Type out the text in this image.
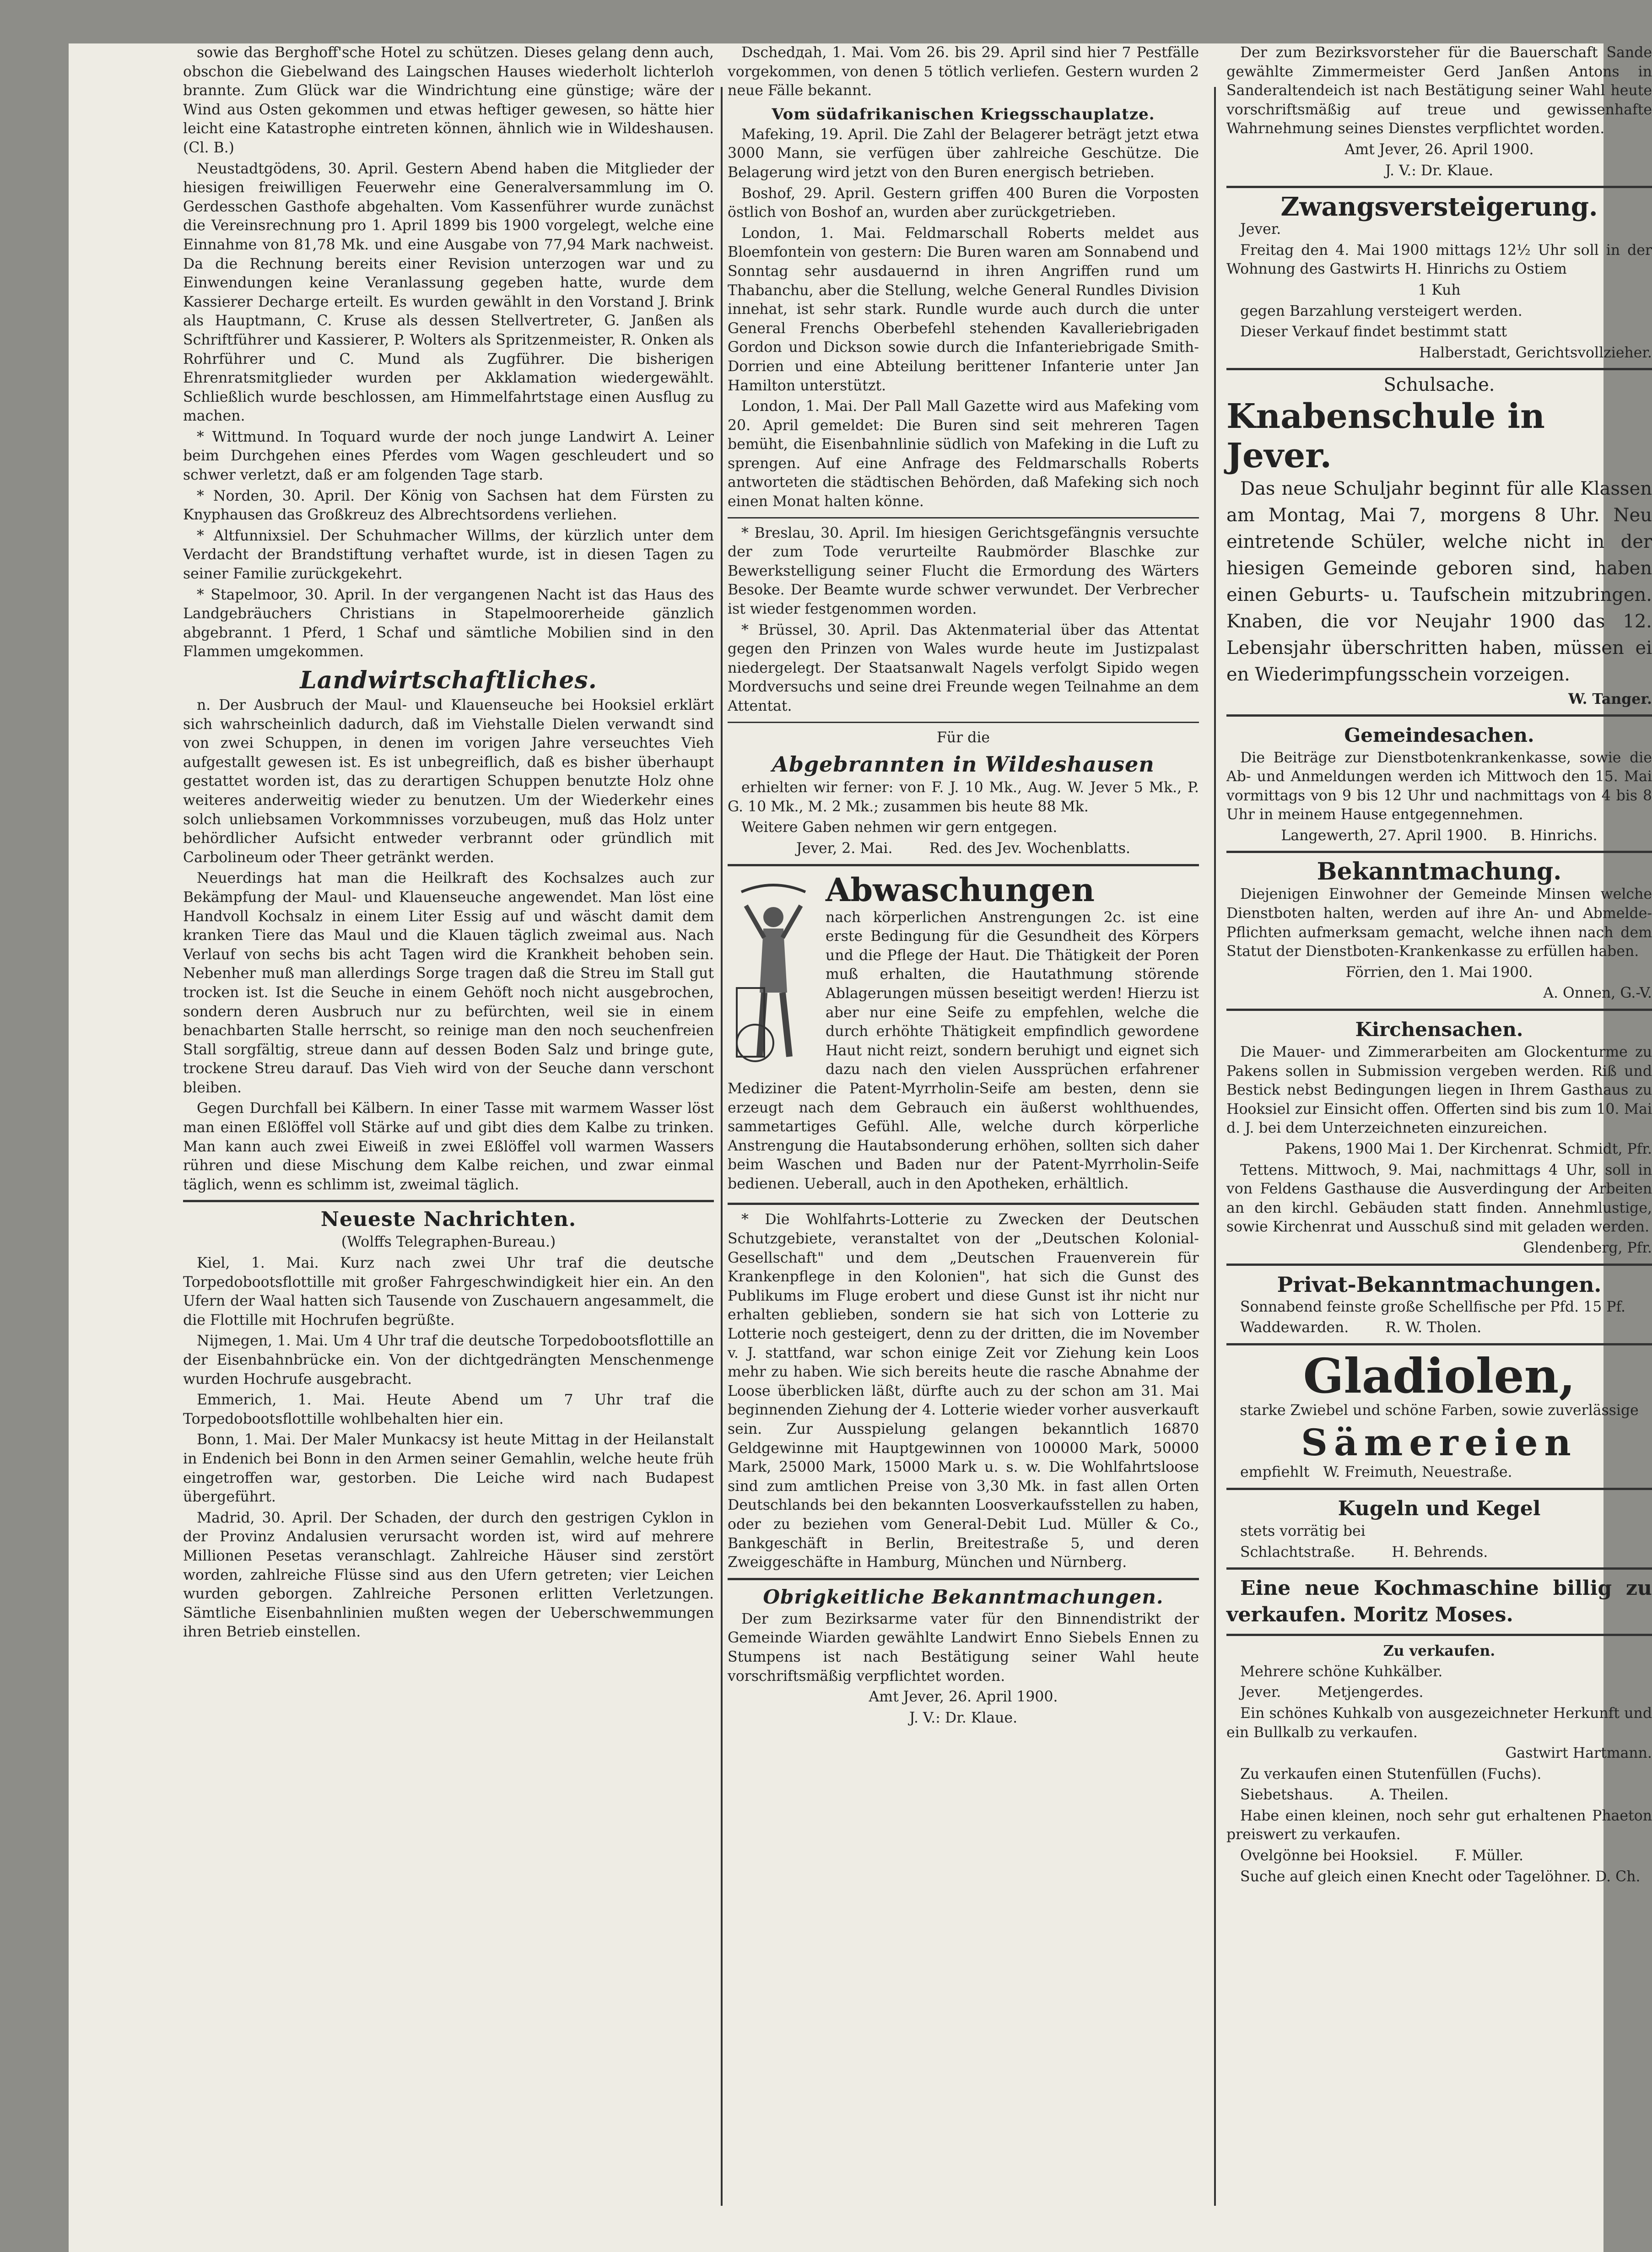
sowie das Berghoff'sche Hotel zu schützen. Dieses gelang denn auch, obschon die Giebelwand des Laingschen Hauses wiederholt lichterloh brannte. Zum Glück war die Windrichtung eine günstige; wäre der Wind aus Osten gekommen und etwas heftiger gewesen, so hätte hier leicht eine Katastrophe eintreten können, ähnlich wie in Wildeshausen. (Cl. B.)

Neustadtgödens, 30. April. Gestern Abend haben die Mitglieder der hiesigen freiwilligen Feuerwehr eine Generalversammlung im O. Gerdesschen Gasthofe abgehalten. Vom Kassenführer wurde zunächst die Vereinsrechnung pro 1. April 1899 bis 1900 vorgelegt, welche eine Einnahme von 81,78 Mk. und eine Ausgabe von 77,94 Mark nachweist. Da die Rechnung bereits einer Revision unterzogen war und zu Einwendungen keine Veranlassung gegeben hatte, wurde dem Kassierer Decharge erteilt. Es wurden gewählt in den Vorstand J. Brink als Hauptmann, C. Kruse als dessen Stellvertreter, G. Janßen als Schriftführer und Kassierer, P. Wolters als Spritzenmeister, R. Onken als Rohrführer und C. Mund als Zugführer. Die bisherigen Ehrenratsmitglieder wurden per Akklamation wiedergewählt. Schließlich wurde beschlossen, am Himmelfahrtstage einen Ausflug zu machen.

* Wittmund. In Toquard wurde der noch junge Landwirt A. Leiner beim Durchgehen eines Pferdes vom Wagen geschleudert und so schwer verletzt, daß er am folgenden Tage starb.

* Norden, 30. April. Der König von Sachsen hat dem Fürsten zu Knyphausen das Großkreuz des Albrechtsordens verliehen.

* Altfunnixsiel. Der Schuhmacher Willms, der kürzlich unter dem Verdacht der Brandstiftung verhaftet wurde, ist in diesen Tagen zu seiner Familie zurückgekehrt.

* Stapelmoor, 30. April. In der vergangenen Nacht ist das Haus des Landgebräuchers Christians in Stapelmoorerheide gänzlich abgebrannt. 1 Pferd, 1 Schaf und sämtliche Mobilien sind in den Flammen umgekommen.

Landwirtschaftliches.

n. Der Ausbruch der Maul- und Klauenseuche bei Hooksiel erklärt sich wahrscheinlich dadurch, daß im Viehstalle Dielen verwandt sind von zwei Schuppen, in denen im vorigen Jahre verseuchtes Vieh aufgestallt gewesen ist. Es ist unbegreiflich, daß es bisher überhaupt gestattet worden ist, das zu derartigen Schuppen benutzte Holz ohne weiteres anderweitig wieder zu benutzen. Um der Wiederkehr eines solch unliebsamen Vorkommnisses vorzubeugen, muß das Holz unter behördlicher Aufsicht entweder verbrannt oder gründlich mit Carbolineum oder Theer getränkt werden.

Neuerdings hat man die Heilkraft des Kochsalzes auch zur Bekämpfung der Maul- und Klauenseuche angewendet. Man löst eine Handvoll Kochsalz in einem Liter Essig auf und wäscht damit dem kranken Tiere das Maul und die Klauen täglich zweimal aus. Nach Verlauf von sechs bis acht Tagen wird die Krankheit behoben sein. Nebenher muß man allerdings Sorge tragen daß die Streu im Stall gut trocken ist. Ist die Seuche in einem Gehöft noch nicht ausgebrochen, sondern deren Ausbruch nur zu befürchten, weil sie in einem benachbarten Stalle herrscht, so reinige man den noch seuchenfreien Stall sorgfältig, streue dann auf dessen Boden Salz und bringe gute, trockene Streu darauf. Das Vieh wird von der Seuche dann verschont bleiben.

Gegen Durchfall bei Kälbern. In einer Tasse mit warmem Wasser löst man einen Eßlöffel voll Stärke auf und gibt dies dem Kalbe zu trinken. Man kann auch zwei Eiweiß in zwei Eßlöffel voll warmen Wassers rühren und diese Mischung dem Kalbe reichen, und zwar einmal täglich, wenn es schlimm ist, zweimal täglich.

Neueste Nachrichten.

(Wolffs Telegraphen-Bureau.)

Kiel, 1. Mai. Kurz nach zwei Uhr traf die deutsche Torpedobootsflottille mit großer Fahrgeschwindigkeit hier ein. An den Ufern der Waal hatten sich Tausende von Zuschauern angesammelt, die die Flottille mit Hochrufen begrüßte.

Nijmegen, 1. Mai. Um 4 Uhr traf die deutsche Torpedobootsflottille an der Eisenbahnbrücke ein. Von der dichtgedrängten Menschenmenge wurden Hochrufe ausgebracht.

Emmerich, 1. Mai. Heute Abend um 7 Uhr traf die Torpedobootsflottille wohlbehalten hier ein.

Bonn, 1. Mai. Der Maler Munkacsy ist heute Mittag in der Heilanstalt in Endenich bei Bonn in den Armen seiner Gemahlin, welche heute früh eingetroffen war, gestorben. Die Leiche wird nach Budapest übergeführt.

Madrid, 30. April. Der Schaden, der durch den gestrigen Cyklon in der Provinz Andalusien verursacht worden ist, wird auf mehrere Millionen Pesetas veranschlagt. Zahlreiche Häuser sind zerstört worden, zahlreiche Flüsse sind aus den Ufern getreten; vier Leichen wurden geborgen. Zahlreiche Personen erlitten Verletzungen. Sämtliche Eisenbahnlinien mußten wegen der Ueberschwemmungen ihren Betrieb einstellen.

Dschedдah, 1. Mai. Vom 26. bis 29. April sind hier 7 Pestfälle vorgekommen, von denen 5 tötlich verliefen. Gestern wurden 2 neue Fälle bekannt.

Vom südafrikanischen Kriegsschauplatze.

Mafeking, 19. April. Die Zahl der Belagerer beträgt jetzt etwa 3000 Mann, sie verfügen über zahlreiche Geschütze. Die Belagerung wird jetzt von den Buren energisch betrieben.

Boshof, 29. April. Gestern griffen 400 Buren die Vorposten östlich von Boshof an, wurden aber zurückgetrieben.

London, 1. Mai. Feldmarschall Roberts meldet aus Bloemfontein von gestern: Die Buren waren am Sonnabend und Sonntag sehr ausdauernd in ihren Angriffen rund um Thabanchu, aber die Stellung, welche General Rundles Division innehat, ist sehr stark. Rundle wurde auch durch die unter General Frenchs Oberbefehl stehenden Kavalleriebrigaden Gordon und Dickson sowie durch die Infanteriebrigade Smith-Dorrien und eine Abteilung berittener Infanterie unter Jan Hamilton unterstützt.

London, 1. Mai. Der Pall Mall Gazette wird aus Mafeking vom 20. April gemeldet: Die Buren sind seit mehreren Tagen bemüht, die Eisenbahnlinie südlich von Mafeking in die Luft zu sprengen. Auf eine Anfrage des Feldmarschalls Roberts antworteten die städtischen Behörden, daß Mafeking sich noch einen Monat halten könne.

* Breslau, 30. April. Im hiesigen Gerichtsgefängnis versuchte der zum Tode verurteilte Raubmörder Blaschke zur Bewerkstelligung seiner Flucht die Ermordung des Wärters Besoke. Der Beamte wurde schwer verwundet. Der Verbrecher ist wieder festgenommen worden.

* Brüssel, 30. April. Das Aktenmaterial über das Attentat gegen den Prinzen von Wales wurde heute im Justizpalast niedergelegt. Der Staatsanwalt Nagels verfolgt Sipido wegen Mordversuchs und seine drei Freunde wegen Teilnahme an dem Attentat.

Für die

Abgebrannten in Wildeshausen

erhielten wir ferner: von F. J. 10 Mk., Aug. W. Jever 5 Mk., P. G. 10 Mk., M. 2 Mk.; zusammen bis heute 88 Mk.

Weitere Gaben nehmen wir gern entgegen.

Jever, 2. Mai.        Red. des Jev. Wochenblatts.

Abwaschungen

nach körperlichen Anstrengungen 2c. ist eine erste Bedingung für die Gesundheit des Körpers und die Pflege der Haut. Die Thätigkeit der Poren muß erhalten, die Hautathmung störende Ablagerungen müssen beseitigt werden! Hierzu ist aber nur eine Seife zu empfehlen, welche die durch erhöhte Thätigkeit empfindlich gewordene Haut nicht reizt, sondern beruhigt und eignet sich dazu nach den vielen Aussprüchen erfahrener Mediziner die Patent-Myrrholin-Seife am besten, denn sie erzeugt nach dem Gebrauch ein äußerst wohlthuendes, sammetartiges Gefühl. Alle, welche durch körperliche Anstrengung die Hautabsonderung erhöhen, sollten sich daher beim Waschen und Baden nur der Patent-Myrrholin-Seife bedienen. Ueberall, auch in den Apotheken, erhältlich.

* Die Wohlfahrts-Lotterie zu Zwecken der Deutschen Schutzgebiete, veranstaltet von der „Deutschen Kolonial-Gesellschaft" und dem „Deutschen Frauenverein für Krankenpflege in den Kolonien", hat sich die Gunst des Publikums im Fluge erobert und diese Gunst ist ihr nicht nur erhalten geblieben, sondern sie hat sich von Lotterie zu Lotterie noch gesteigert, denn zu der dritten, die im November v. J. stattfand, war schon einige Zeit vor Ziehung kein Loos mehr zu haben. Wie sich bereits heute die rasche Abnahme der Loose überblicken läßt, dürfte auch zu der schon am 31. Mai beginnenden Ziehung der 4. Lotterie wieder vorher ausverkauft sein. Zur Ausspielung gelangen bekanntlich 16870 Geldgewinne mit Hauptgewinnen von 100000 Mark, 50000 Mark, 25000 Mark, 15000 Mark u. s. w. Die Wohlfahrtsloose sind zum amtlichen Preise von 3,30 Mk. in fast allen Orten Deutschlands bei den bekannten Loosverkaufsstellen zu haben, oder zu beziehen vom General-Debit Lud. Müller & Co., Bankgeschäft in Berlin, Breitestraße 5, und deren Zweiggeschäfte in Hamburg, München und Nürnberg.

Obrigkeitliche Bekanntmachungen.

Der zum Bezirksarme vater für den Binnendistrikt der Gemeinde Wiarden gewählte Landwirt Enno Siebels Ennen zu Stumpens ist nach Bestätigung seiner Wahl heute vorschriftsmäßig verpflichtet worden.

Amt Jever, 26. April 1900.

J. V.: Dr. Klaue.

Der zum Bezirksvorsteher für die Bauerschaft Sande gewählte Zimmermeister Gerd Janßen Antons in Sanderaltendeich ist nach Bestätigung seiner Wahl heute vorschriftsmäßig auf treue und gewissenhafte Wahrnehmung seines Dienstes verpflichtet worden.

Amt Jever, 26. April 1900.

J. V.: Dr. Klaue.

Zwangsversteigerung.

Jever.

Freitag den 4. Mai 1900 mittags 12½ Uhr soll in der Wohnung des Gastwirts H. Hinrichs zu Ostiem

1 Kuh

gegen Barzahlung versteigert werden.

Dieser Verkauf findet bestimmt statt

Halberstadt, Gerichtsvollzieher.

Schulsache.

Knabenschule in Jever.

Das neue Schuljahr beginnt für alle Klassen am Montag, Mai 7, morgens 8 Uhr. Neu eintretende Schüler, welche nicht in der hiesigen Gemeinde geboren sind, haben einen Geburts- u. Taufschein mitzubringen. Knaben, die vor Neujahr 1900 das 12. Lebensjahr überschritten haben, müssen ei en Wiederimpfungsschein vorzeigen.

W. Tanger.

Gemeindesachen.

Die Beiträge zur Dienstbotenkrankenkasse, sowie die Ab- und Anmeldungen werden ich Mittwoch den 15. Mai vormittags von 9 bis 12 Uhr und nachmittags von 4 bis 8 Uhr in meinem Hause entgegennehmen.

Langewerth, 27. April 1900.     B. Hinrichs.

Bekanntmachung.

Diejenigen Einwohner der Gemeinde Minsen welche Dienstboten halten, werden auf ihre An- und Abmelde-Pflichten aufmerksam gemacht, welche ihnen nach dem Statut der Dienstboten-Krankenkasse zu erfüllen haben.

Förrien, den 1. Mai 1900.

A. Onnen, G.-V.

Kirchensachen.

Die Mauer- und Zimmerarbeiten am Glockenturme zu Pakens sollen in Submission vergeben werden. Riß und Bestick nebst Bedingungen liegen in Ihrem Gasthaus zu Hooksiel zur Einsicht offen. Offerten sind bis zum 10. Mai d. J. bei dem Unterzeichneten einzureichen.

Pakens, 1900 Mai 1. Der Kirchenrat. Schmidt, Pfr.

Tettens. Mittwoch, 9. Mai, nachmittags 4 Uhr, soll in von Feldens Gasthause die Ausverdingung der Arbeiten an den kirchl. Gebäuden statt finden. Annehmlustige, sowie Kirchenrat und Ausschuß sind mit geladen werden.

Glendenberg, Pfr.

Privat-Bekanntmachungen.

Sonnabend feinste große Schellfische per Pfd. 15 Pf.

Waddewarden.        R. W. Tholen.

Gladiolen,

starke Zwiebel und schöne Farben, sowie zuverlässige

Sämereien

empfiehlt   W. Freimuth, Neuestraße.

Kugeln und Kegel

stets vorrätig bei

Schlachtstraße.        H. Behrends.

Eine neue Kochmaschine billig zu verkaufen. Moritz Moses.

Zu verkaufen.

Mehrere schöne Kuhkälber.

Jever.        Metjengerdes.

Ein schönes Kuhkalb von ausgezeichneter Herkunft und ein Bullkalb zu verkaufen.

Gastwirt Hartmann.

Zu verkaufen einen Stutenfüllen (Fuchs).

Siebetshaus.        A. Theilen.

Habe einen kleinen, noch sehr gut erhaltenen Phaeton preiswert zu verkaufen.

Ovelgönne bei Hooksiel.        F. Müller.

Suche auf gleich einen Knecht oder Tagelöhner. D. Ch.
